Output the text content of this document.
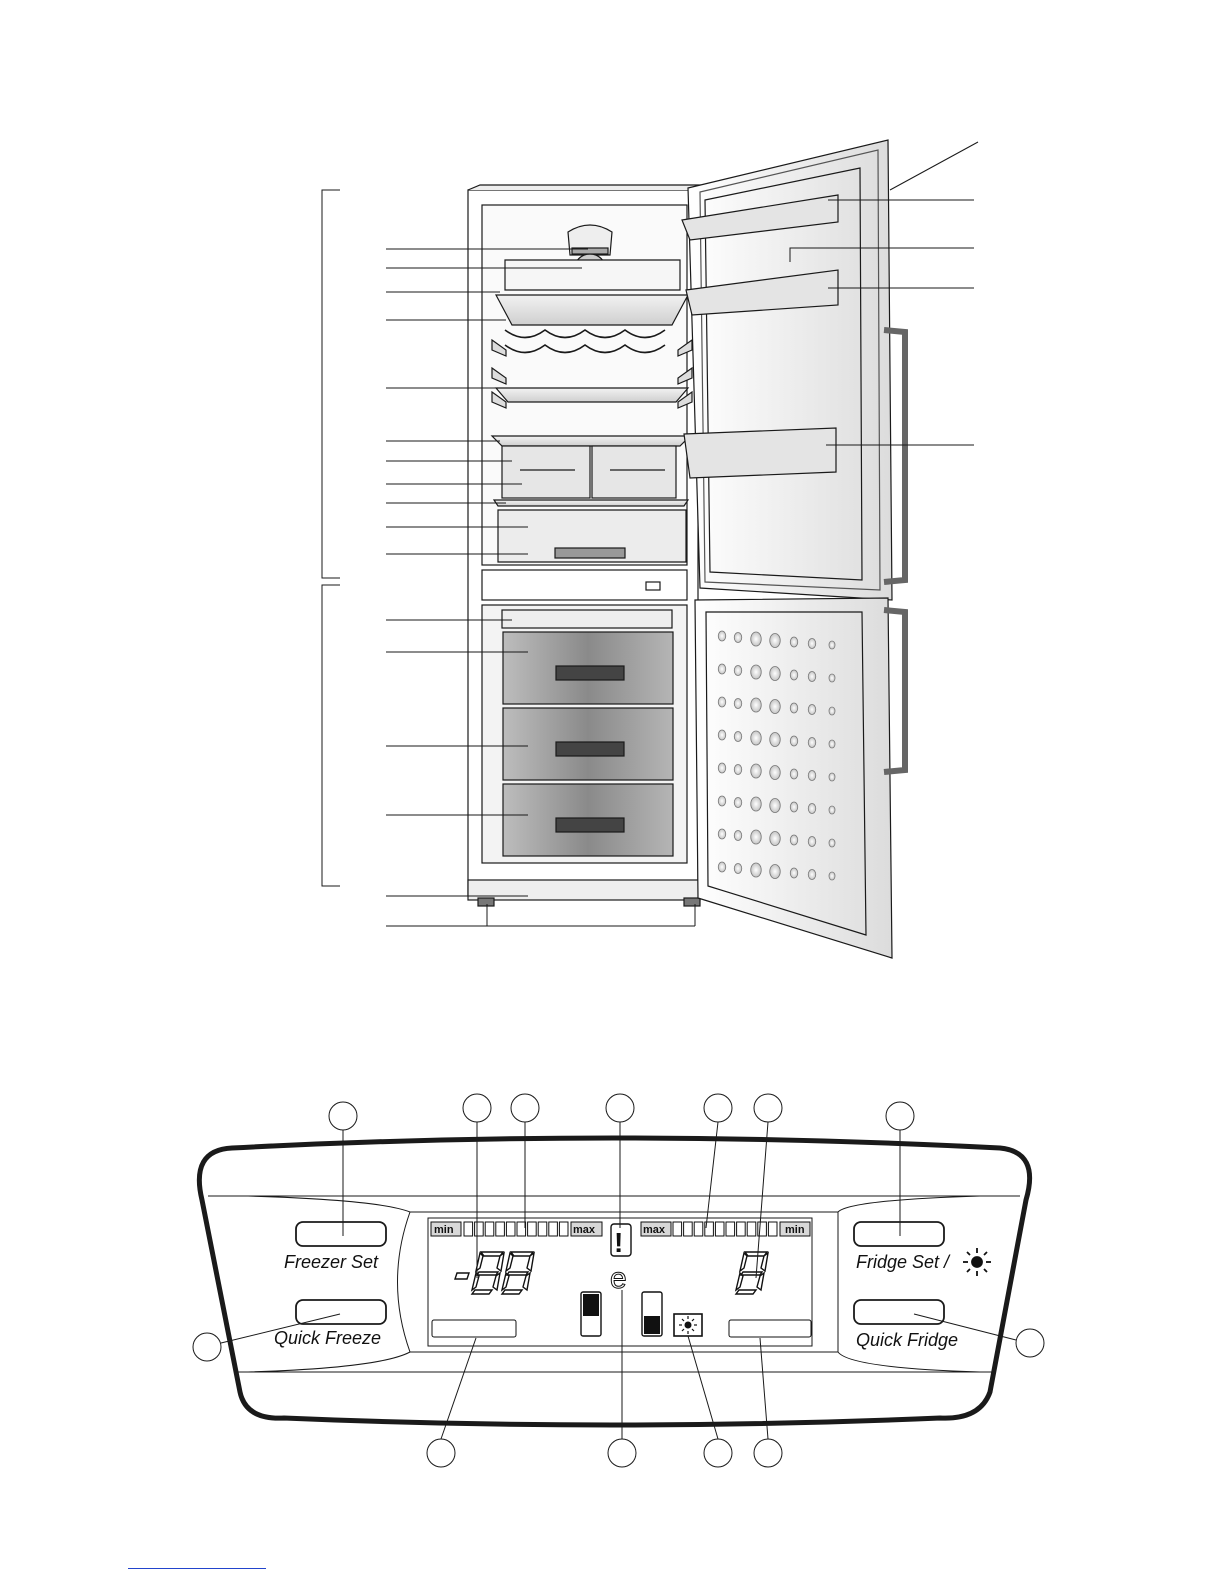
Freezer Set
Quick Freeze
Fridge Set /
Quick Fridge
min	max	max	min
!
e
